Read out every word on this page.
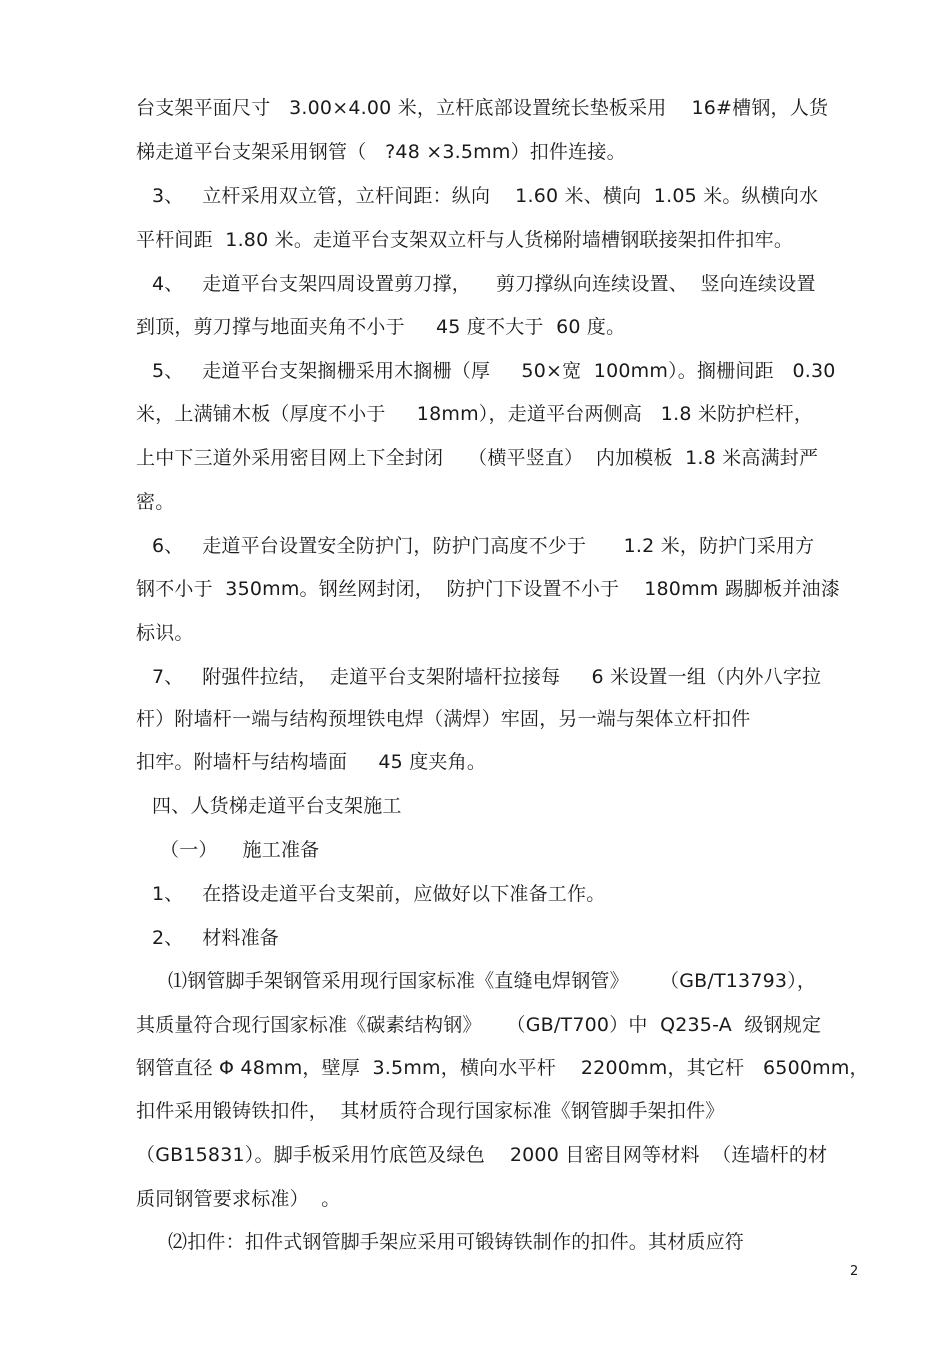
台支架平面尺寸   3.00×4.00 米，立杆底部设置统长垫板采用    16#槽钢，人货
梯走道平台支架采用钢管（   ?48 ×3.5mm）扣件连接。
3、   立杆采用双立管，立杆间距：纵向    1.60 米、横向  1.05 米。纵横向水
平杆间距  1.80 米。走道平台支架双立杆与人货梯附墙槽钢联接架扣件扣牢。
4、   走道平台支架四周设置剪刀撑，    剪刀撑纵向连续设置、  竖向连续设置
到顶，剪刀撑与地面夹角不小于     45 度不大于  60 度。
5、   走道平台支架搁栅采用木搁栅（厚     50×宽  100mm）。搁栅间距   0.30
米，上满铺木板（厚度不小于     18mm），走道平台两侧高   1.8 米防护栏杆，
上中下三道外采用密目网上下全封闭    （横平竖直）  内加模板  1.8 米高满封严
密。
6、   走道平台设置安全防护门，防护门高度不少于      1.2 米，防护门采用方
钢不小于  350mm。钢丝网封闭，  防护门下设置不小于    180mm 踢脚板并油漆
标识。
7、   附强件拉结，  走道平台支架附墙杆拉接每     6 米设置一组（内外八字拉
杆）附墙杆一端与结构预埋铁电焊（满焊）牢固，另一端与架体立杆扣件
扣牢。附墙杆与结构墙面     45 度夹角。
四、人货梯走道平台支架施工
（一）    施工准备
1、   在搭设走道平台支架前，应做好以下准备工作。
2、   材料准备
⑴钢管脚手架钢管采用现行国家标准《直缝电焊钢管》     （GB/T13793），
其质量符合现行国家标准《碳素结构钢》    （GB/T700）中  Q235-A  级钢规定
钢管直径 Φ 48mm，壁厚  3.5mm，横向水平杆    2200mm，其它杆   6500mm，
扣件采用锻铸铁扣件，  其材质符合现行国家标准《钢管脚手架扣件》
（GB15831）。脚手板采用竹底笆及绿色    2000 目密目网等材料  （连墙杆的材
质同钢管要求标准）  。
⑵扣件：扣件式钢管脚手架应采用可锻铸铁制作的扣件。其材质应符
2
